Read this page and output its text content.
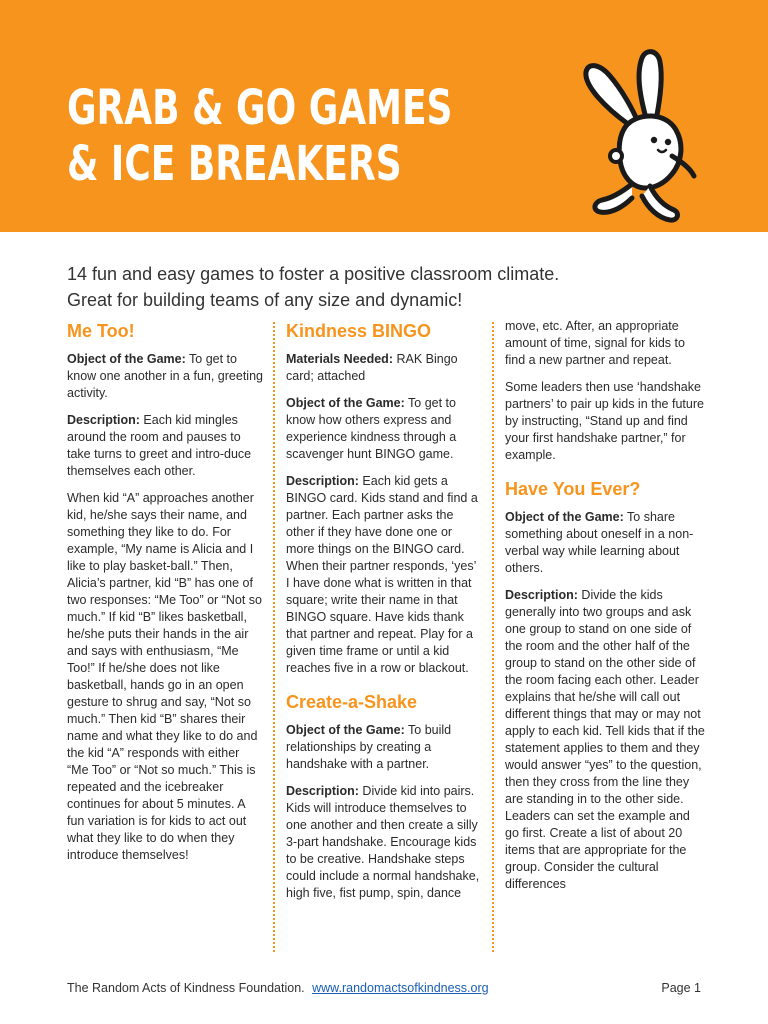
GRAB & GO GAMES
& ICE BREAKERS
14 fun and easy games to foster a positive classroom climate.
Great for building teams of any size and dynamic!
Me Too!

Object of the Game: To get to know one another in a fun, greeting activity.

Description: Each kid mingles around the room and pauses to take turns to greet and intro-duce themselves each other.

When kid “A” approaches another kid, he/she says their name, and something they like to do. For example, “My name is Alicia and I like to play basket-ball.” Then, Alicia’s partner, kid “B” has one of two responses: “Me Too” or “Not so much.” If kid “B” likes basketball, he/she puts their hands in the air and says with enthusiasm, “Me Too!” If he/she does not like basketball, hands go in an open gesture to shrug and say, “Not so much.” Then kid “B” shares their name and what they like to do and the kid “A” responds with either “Me Too” or “Not so much.” This is repeated and the icebreaker continues for about 5 minutes. A fun variation is for kids to act out what they like to do when they introduce themselves!

Kindness BINGO

Materials Needed: RAK Bingo card; attached

Object of the Game: To get to know how others express and experience kindness through a scavenger hunt BINGO game.

Description: Each kid gets a BINGO card. Kids stand and find a partner. Each partner asks the other if they have done one or more things on the BINGO card. When their partner responds, ‘yes’ I have done what is written in that square; write their name in that BINGO square. Have kids thank that partner and repeat. Play for a given time frame or until a kid reaches five in a row or blackout.

Create-a-Shake

Object of the Game: To build relationships by creating a handshake with a partner.

Description: Divide kid into pairs. Kids will introduce themselves to one another and then create a silly 3-part handshake. Encourage kids to be creative. Handshake steps could include a normal handshake, high five, fist pump, spin, dance

move, etc. After, an appropriate amount of time, signal for kids to find a new partner and repeat.

Some leaders then use ‘handshake partners’ to pair up kids in the future by instructing, “Stand up and find your first handshake partner,” for example.

Have You Ever?

Object of the Game: To share something about oneself in a non-verbal way while learning about others.

Description: Divide the kids generally into two groups and ask one group to stand on one side of the room and the other half of the group to stand on the other side of the room facing each other. Leader explains that he/she will call out different things that may or may not apply to each kid. Tell kids that if the statement applies to them and they would answer “yes” to the question, then they cross from the line they are standing in to the other side. Leaders can set the example and go first. Create a list of about 20 items that are appropriate for the group. Consider the cultural differences

The Random Acts of Kindness Foundation. www.randomactsofkindness.org	Page 1
